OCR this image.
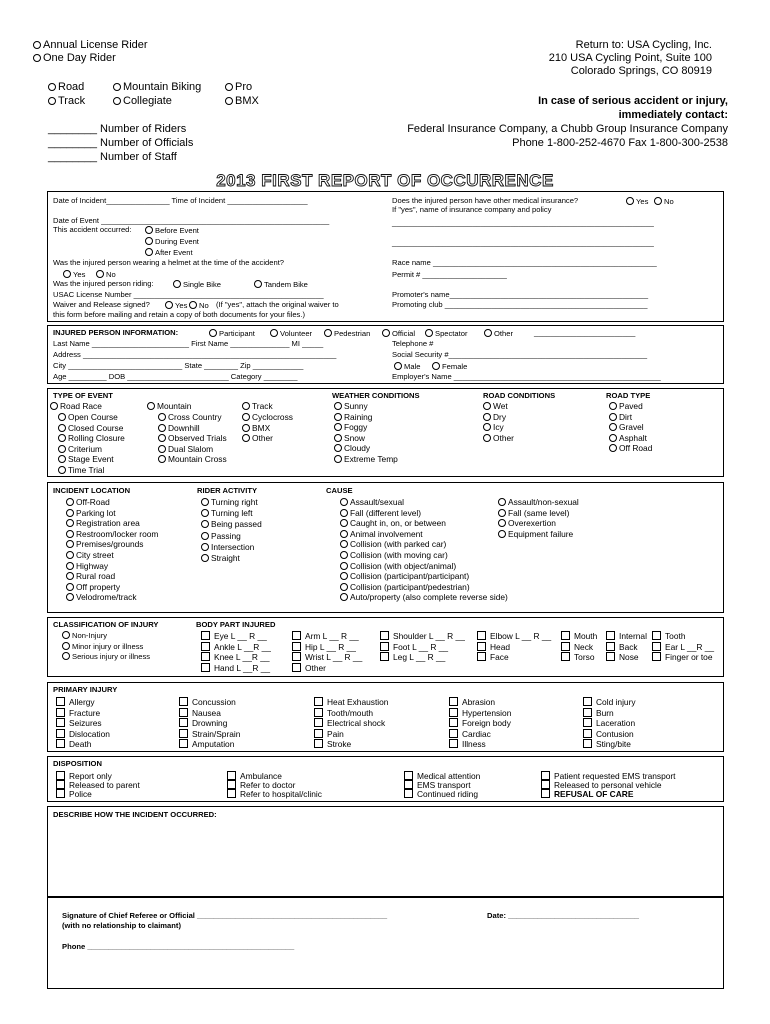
Annual License Rider
One Day Rider
Road
Track
Mountain Biking
Collegiate
Pro
BMX
________ Number of Riders
________ Number of Officials
________ Number of Staff
Return to: USA Cycling, Inc.
210 USA Cycling Point, Suite 100
Colorado Springs, CO 80919
In case of serious accident or injury,
immediately contact:
Federal Insurance Company, a Chubb Group Insurance Company
Phone 1-800-252-4670 Fax 1-800-300-2538
2013 FIRST REPORT OF OCCURRENCE
Date of Incident_______________ Time of Incident ___________________
Date of Event ______________________________________________________
This accident occurred:	Before Event
During Event
After Event
Was the injured person wearing a helmet at the time of the accident?
Yes	No
Was the injured person riding:	Single Bike	Tandem Bike
USAC License Number _____________________________________________
Waiver and Release signed?	Yes	No (If "yes", attach the original waiver to
this form before mailing and retain a copy of both documents for your files.)
Does the injured person have other medical insurance?	Yes	No
If "yes", name of insurance company and policy
______________________________________________________________
______________________________________________________________
Race name _____________________________________________________
Permit # ____________________
Promoter's name_______________________________________________
Promoting club ________________________________________________
INJURED PERSON INFORMATION:	Participant	Volunteer	Pedestrian	Official	Spectator	Other	________________________
Last Name _______________________ First Name ______________ MI _____	Telephone #
Address ____________________________________________________________	Social Security #_______________________________________________
City ___________________________ State ________ Zip ____________	Male	Female
Age _________ DOB ________________________ Category ________	Employer's Name _________________________________________________
TYPE OF EVENT
Road Race
Open Course
Closed Course
Rolling Closure
Criterium
Stage Event
Time Trial
Mountain
Cross Country
Downhill
Observed Trials
Dual Slalom
Mountain Cross
Track
Cyclocross
BMX
Other
WEATHER CONDITIONS
Sunny
Raining
Foggy
Snow
Cloudy
Extreme Temp
ROAD CONDITIONS
Wet
Dry
Icy
Other
ROAD TYPE
Paved
Dirt
Gravel
Asphalt
Off Road
INCIDENT LOCATION
Off-Road
Parking lot
Registration area
Restroom/locker room
Premises/grounds
City street
Highway
Rural road
Off property
Velodrome/track
RIDER ACTIVITY
Turning right
Turning left
Being passed
Passing
Intersection
Straight
CAUSE
Assault/sexual
Fall (different level)
Caught in, on, or between
Animal involvement
Collision (with parked car)
Collision (with moving car)
Collision (with object/animal)
Collision (participant/participant)
Collision (participant/pedestrian)
Auto/property (also complete reverse side)
Assault/non-sexual
Fall (same level)
Overexertion
Equipment failure
CLASSIFICATION OF INJURY
Non-Injury
Minor injury or illness
Serious injury or illness
BODY PART INJURED
Eye L __ R __
Ankle L __R __
Knee L __R __
Hand L __R __
Arm L __ R __
Hip L __ R __
Wrist L __ R __
Other
Shoulder L __ R __
Foot L __ R __
Leg L __ R __
Elbow L __ R __
Head
Face
Mouth
Neck
Torso
Internal
Back
Nose
Tooth
Ear L __R __
Finger or toe
PRIMARY INJURY
Allergy
Fracture
Seizures
Dislocation
Death
Concussion
Nausea
Drowning
Strain/Sprain
Amputation
Heat Exhaustion
Tooth/mouth
Electrical shock
Pain
Stroke
Abrasion
Hypertension
Foreign body
Cardiac
Illness
Cold injury
Burn
Laceration
Contusion
Sting/bite
DISPOSITION
Report only
Released to parent
Police
Ambulance
Refer to doctor
Refer to hospital/clinic
Medical attention
EMS transport
Continued riding
Patient requested EMS transport
Released to personal vehicle
REFUSAL OF CARE
DESCRIBE HOW THE INCIDENT OCCURRED:
Signature of Chief Referee or Official _____________________________________________	Date: _______________________________
(with no relationship to claimant)
Phone _________________________________________________
